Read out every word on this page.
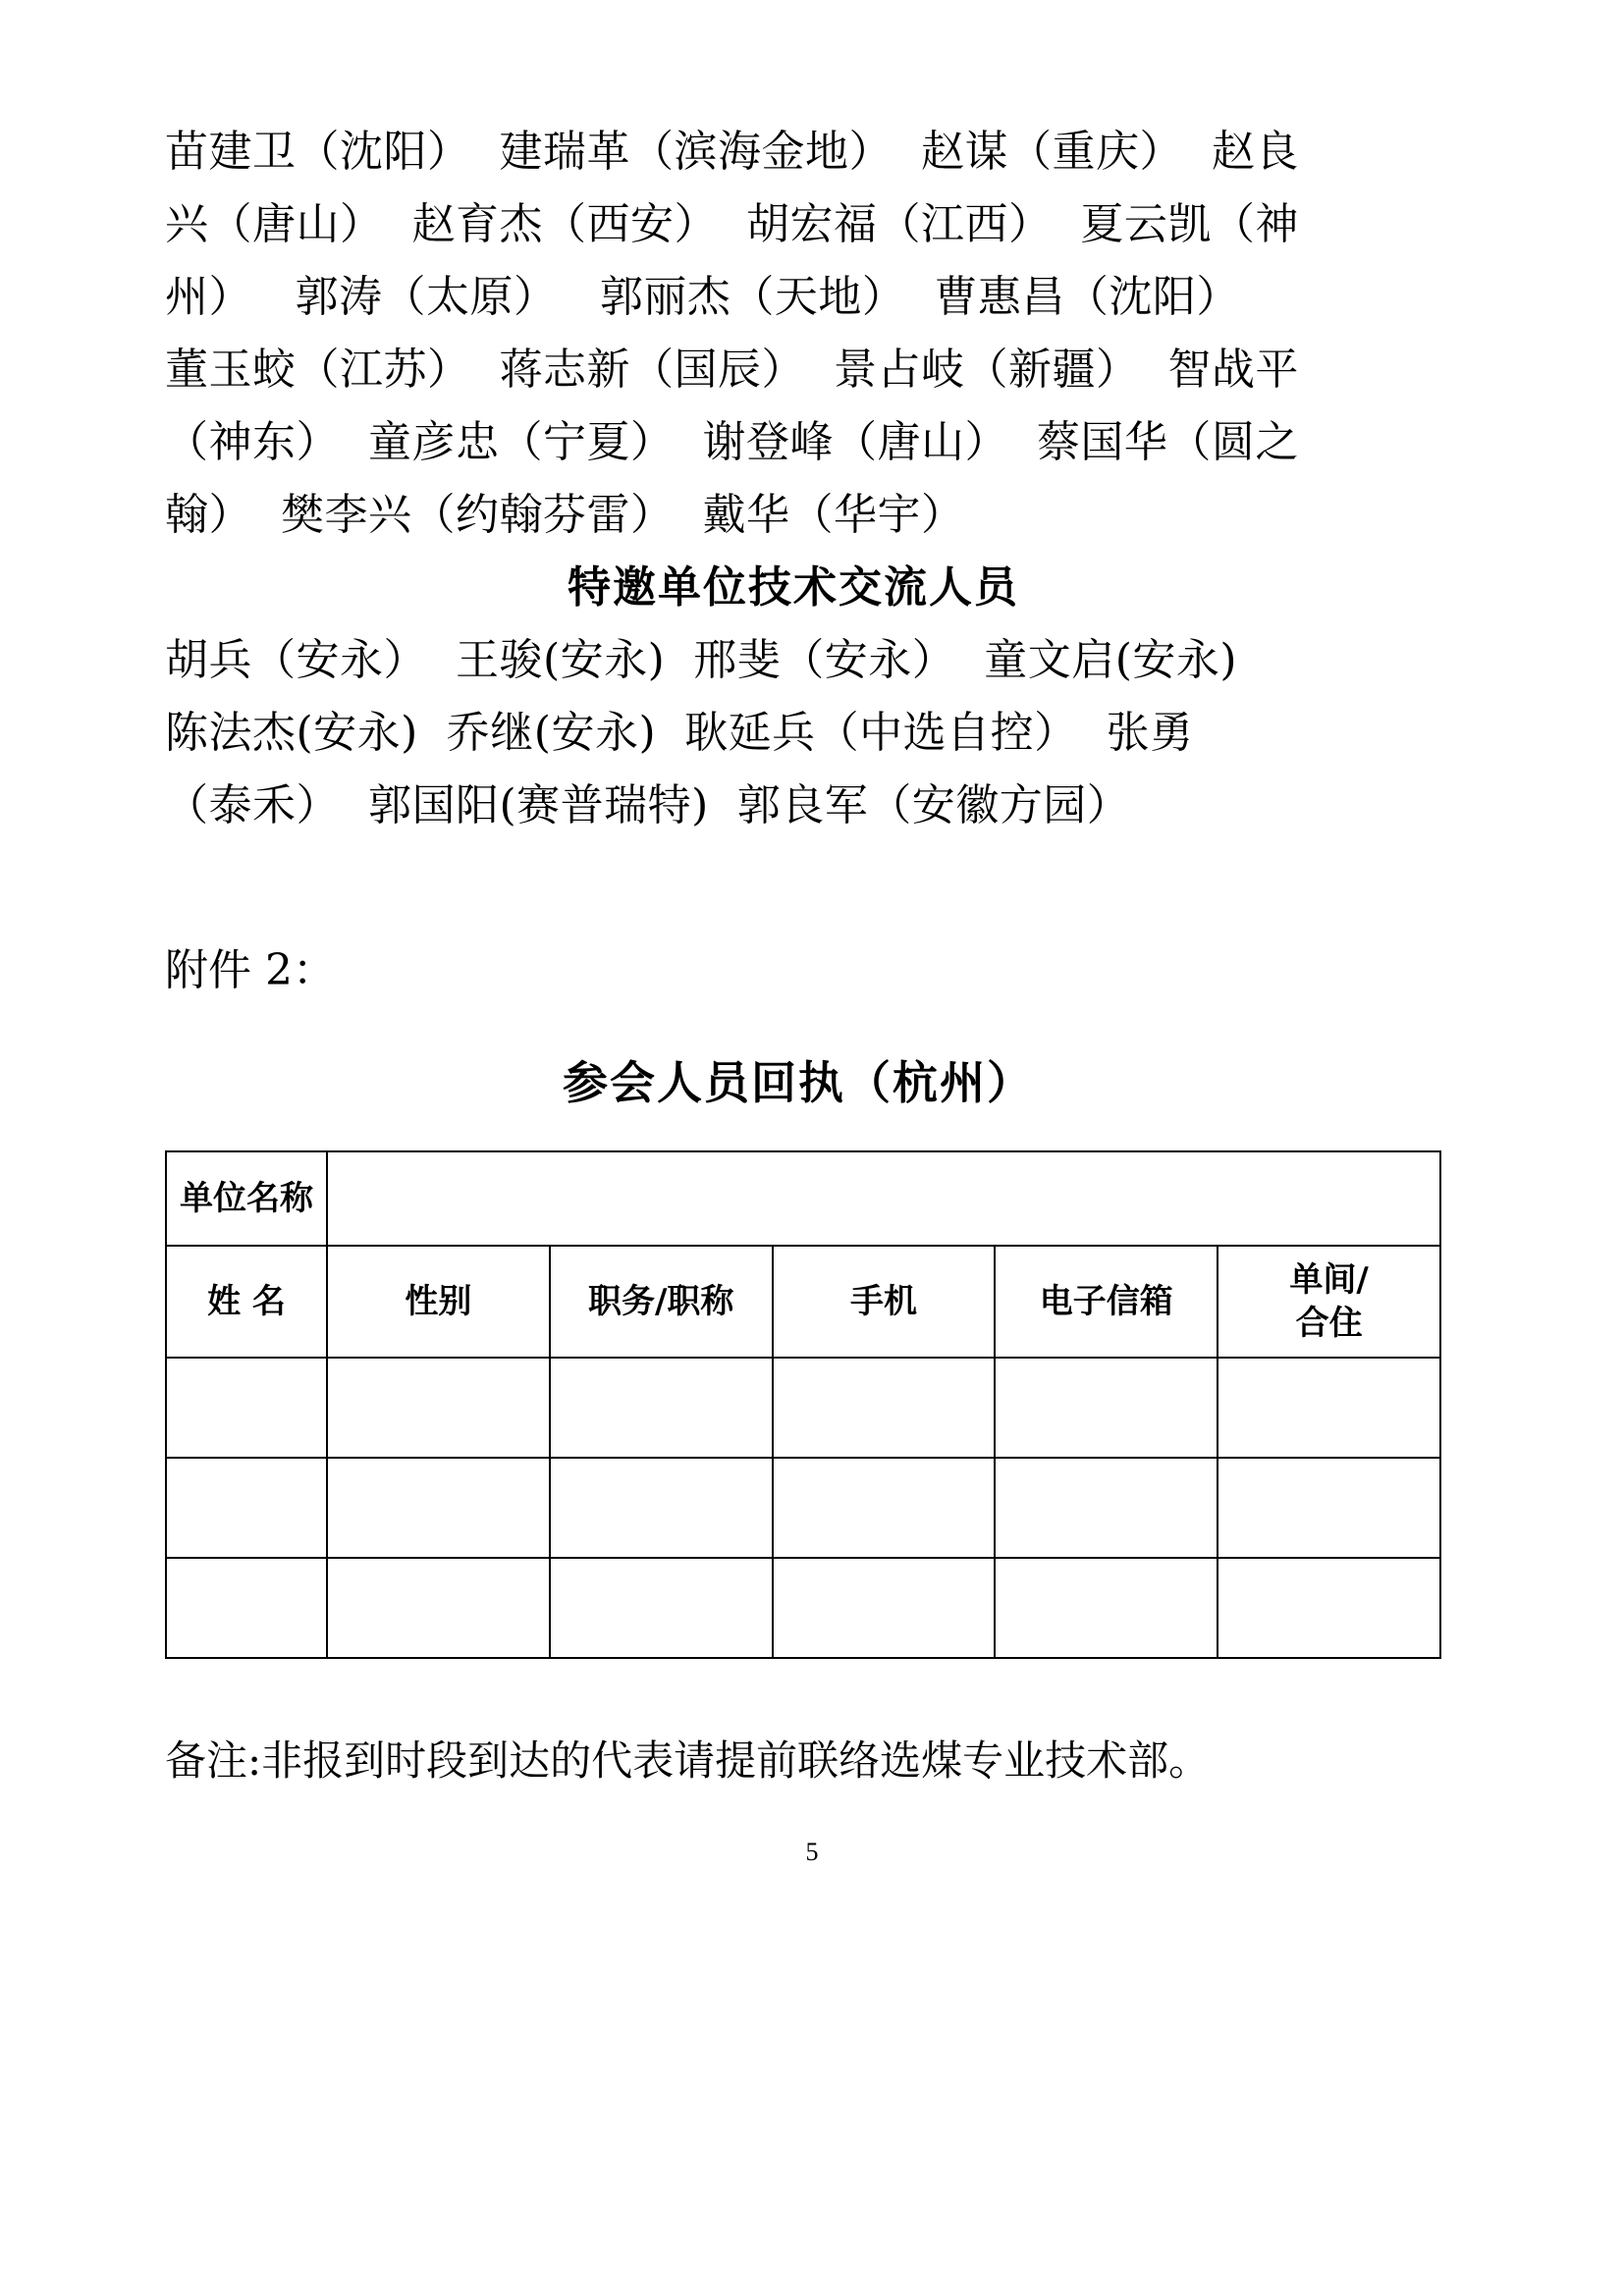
苗建卫（沈阳）  建瑞革（滨海金地）  赵谋（重庆）  赵良
兴（唐山）  赵育杰（西安）  胡宏福（江西）  夏云凯（神
州）   郭涛（太原）   郭丽杰（天地）  曹惠昌（沈阳）
董玉蛟（江苏）  蒋志新（国辰）  景占岐（新疆）  智战平
（神东）  童彦忠（宁夏）  谢登峰（唐山）  蔡国华（圆之
翰）  樊李兴（约翰芬雷）  戴华（华宇）
特邀单位技术交流人员
胡兵（安永）  王骏(安永)  邢斐（安永）  童文启(安永)
陈法杰(安永)  乔继(安永)  耿延兵（中选自控）  张勇
（泰禾）  郭国阳(赛普瑞特)  郭良军（安徽方园）
附件 2：
参会人员回执（杭州）
单位名称					
姓 名	性别	职务/职称	手机	电子信箱	单间/
合住

备注:非报到时段到达的代表请提前联络选煤专业技术部。
5
